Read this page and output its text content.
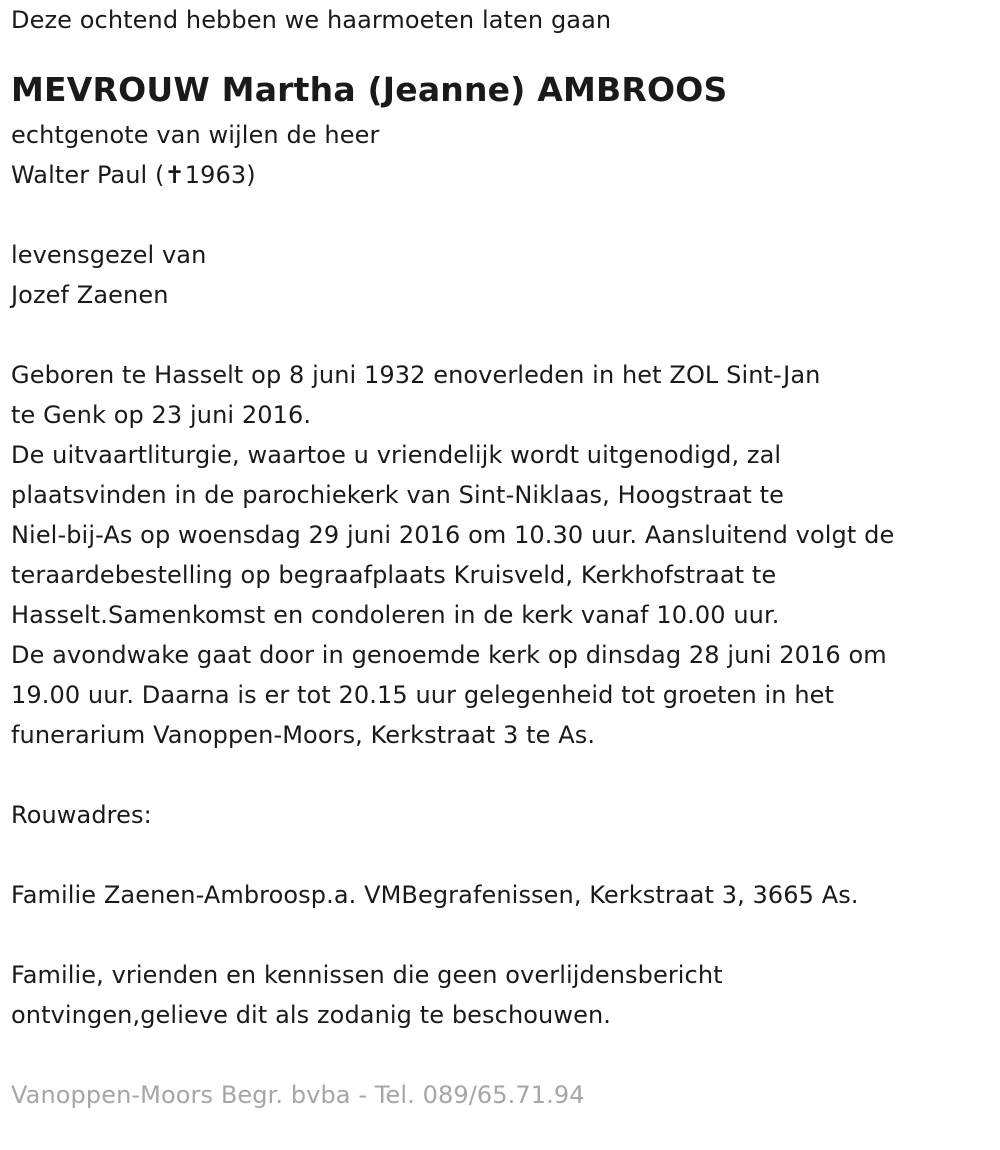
Deze ochtend hebben we haarmoeten laten gaan
MEVROUW Martha (Jeanne) AMBROOS
echtgenote van wijlen de heer
Walter Paul (✝1963)
levensgezel van
Jozef Zaenen
Geboren te Hasselt op 8 juni 1932 enoverleden in het ZOL Sint-Jan
te Genk op 23 juni 2016.
De uitvaartliturgie, waartoe u vriendelijk wordt uitgenodigd, zal
plaatsvinden in de parochiekerk van Sint-Niklaas, Hoogstraat te
Niel-bij-As op woensdag 29 juni 2016 om 10.30 uur. Aansluitend volgt de
teraardebestelling op begraafplaats Kruisveld, Kerkhofstraat te
Hasselt.Samenkomst en condoleren in de kerk vanaf 10.00 uur.
De avondwake gaat door in genoemde kerk op dinsdag 28 juni 2016 om
19.00 uur. Daarna is er tot 20.15 uur gelegenheid tot groeten in het
funerarium Vanoppen-Moors, Kerkstraat 3 te As.
Rouwadres:
Familie Zaenen-Ambroosp.a. VMBegrafenissen, Kerkstraat 3, 3665 As.
Familie, vrienden en kennissen die geen overlijdensbericht
ontvingen,gelieve dit als zodanig te beschouwen.
Vanoppen-Moors Begr. bvba - Tel. 089/65.71.94
